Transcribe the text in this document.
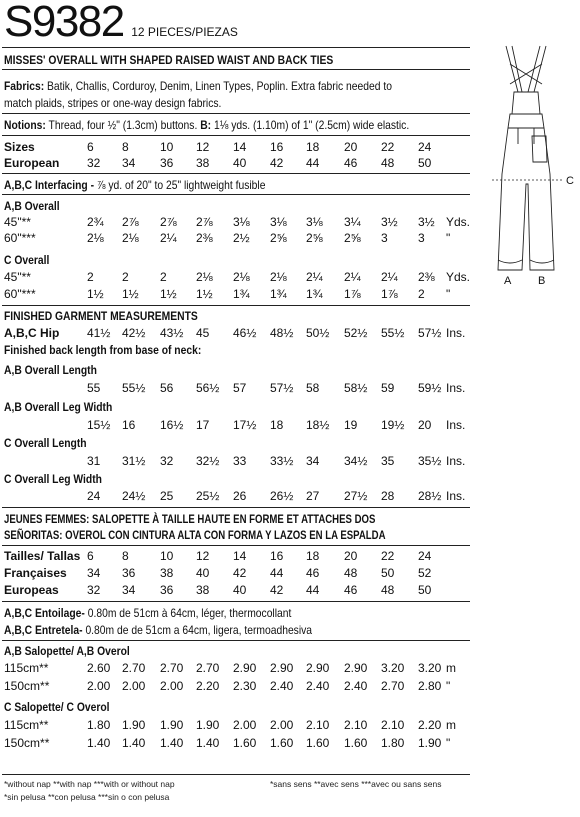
S9382 12 PIECES/PIEZAS
MISSES' OVERALL WITH SHAPED RAISED WAIST AND BACK TIES
Fabrics: Batik, Challis, Corduroy, Denim, Linen Types, Poplin. Extra fabric needed to
match plaids, stripes or one-way design fabrics.
Notions: Thread, four ½" (1.3cm) buttons. B: 1⅛ yds. (1.10m) of 1" (2.5cm) wide elastic.
Sizes	6 8	10 12 14 16 18 20 22 24
European 32 34 36 38 40 42 44 46 48 50
A,B,C Interfacing - ⅞ yd. of 20" to 25" lightweight fusible
A,B Overall
45"**	2¾ 2⅞ 2⅞ 2⅞ 3⅛ 3⅛ 3⅛ 3¼ 3½ 3½ Yds.
60"***	2⅛ 2⅛ 2¼ 2⅜ 2½ 2⅝ 2⅝ 2⅝ 3	3 "
C Overall
45"**	2 2	2 2⅛ 2⅛ 2⅛ 2¼ 2¼ 2¼ 2⅜ Yds.
60"***	1½ 1½ 1½ 1½ 1¾ 1¾ 1¾ 1⅞ 1⅞ 2 "
FINISHED GARMENT MEASUREMENTS
A,B,C Hip 41½ 42½ 43½ 45 46½ 48½ 50½ 52½ 55½ 57½ Ins.
Finished back length from base of neck:
A,B Overall Length
55 55½ 56 56½ 57 57½ 58 58½ 59 59½ Ins.
A,B Overall Leg Width
15½ 16 16½ 17 17½ 18 18½ 19 19½ 20 Ins.
C Overall Length
31 31½ 32 32½ 33 33½ 34 34½ 35 35½ Ins.
C Overall Leg Width
24 24½ 25 25½ 26 26½ 27 27½ 28 28½ Ins.
JEUNES FEMMES: SALOPETTE À TAILLE HAUTE EN FORME ET ATTACHES DOS
SEÑORITAS: OVEROL CON CINTURA ALTA CON FORMA Y LAZOS EN LA ESPALDA
Tailles/ Tallas 6 8	10 12 14 16 18 20 22 24
Françaises 34 36 38 40 42 44 46 48 50 52
Europeas 32 34 36 38 40 42 44 46 48 50
A,B,C Entoilage- 0.80m de 51cm à 64cm, léger, thermocollant
A,B,C Entretela- 0.80m de de 51cm a 64cm, ligera, termoadhesiva
A,B Salopette/ A,B Overol
115cm**	2.60 2.70 2.70 2.70 2.90 2.90 2.90 2.90 3.20 3.20 m
150cm**	2.00 2.00 2.00 2.20 2.30 2.40 2.40 2.40 2.70 2.80 "
C Salopette/ C Overol
115cm**	1.80 1.90 1.90 1.90 2.00 2.00 2.10 2.10 2.10 2.20 m
150cm**	1.40 1.40 1.40 1.40 1.60 1.60 1.60 1.60 1.80 1.90 "
*without nap **with nap ***with or without nap	*sans sens **avec sens ***avec ou sans sens
*sin pelusa **con pelusa ***sin o con pelusa
C
A B
